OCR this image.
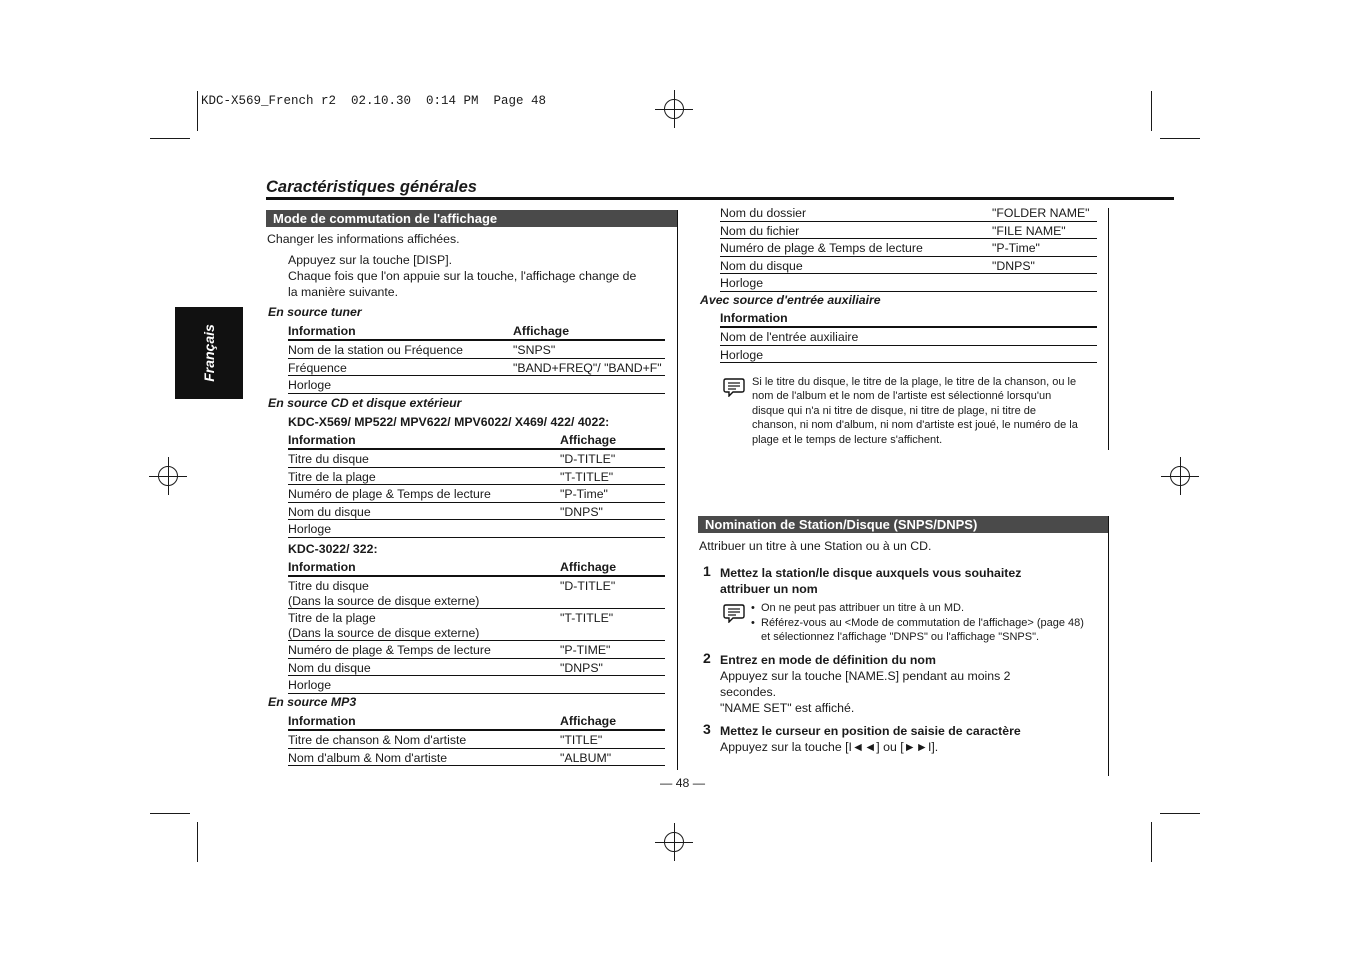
KDC-X569_French r2  02.10.30  0:14 PM  Page 48
Français
Caractéristiques générales
Mode de commutation de l'affichage
Changer les informations affichées.
Appuyez sur la touche [DISP].
Chaque fois que l'on appuie sur la touche, l'affichage change de
la manière suivante.
En source tuner
Information	Affichage
Nom de la station ou Fréquence	"SNPS"
Fréquence	"BAND+FREQ"/ "BAND+F"
Horloge	
En source CD et disque extérieur
KDC-X569/ MP522/ MPV622/ MPV6022/ X469/ 422/ 4022:
Information	Affichage
Titre du disque	"D-TITLE"
Titre de la plage	"T-TITLE"
Numéro de plage & Temps de lecture	"P-Time"
Nom du disque	"DNPS"
Horloge	
KDC-3022/ 322:
Information	Affichage

Titre du disque
(Dans la source de disque externe)	"D-TITLE"

Titre de la plage
(Dans la source de disque externe)	"T-TITLE"
Numéro de plage & Temps de lecture	"P-TIME"
Nom du disque	"DNPS"
Horloge	
En source MP3
Information	Affichage
Titre de chanson & Nom d'artiste	"TITLE"
Nom d'album & Nom d'artiste	"ALBUM"
— 48 —
Nom du dossier	"FOLDER NAME"
Nom du fichier	"FILE NAME"
Numéro de plage & Temps de lecture	"P-Time"
Nom du disque	"DNPS"
Horloge	
Avec source d'entrée auxiliaire
Information
Nom de l'entrée auxiliaire
Horloge
Si le titre du disque, le titre de la plage, le titre de la chanson, ou le
nom de l'album et le nom de l'artiste est sélectionné lorsqu'un
disque qui n'a ni titre de disque, ni titre de plage, ni titre de
chanson, ni nom d'album, ni nom d'artiste est joué, le numéro de la
plage et le temps de lecture s'affichent.
Nomination de Station/Disque (SNPS/DNPS)
Attribuer un titre à une Station ou à un CD.
1 Mettez la station/le disque auxquels vous souhaitez
attribuer un nom
• On ne peut pas attribuer un titre à un MD.
• Référez-vous au <Mode de commutation de l'affichage> (page 48)
et sélectionnez l'affichage "DNPS" ou l'affichage "SNPS".
2 Entrez en mode de définition du nom
Appuyez sur la touche [NAME.S] pendant au moins 2
secondes.
"NAME SET" est affiché.
3 Mettez le curseur en position de saisie de caractère
Appuyez sur la touche [I◄◄] ou [►►I].
